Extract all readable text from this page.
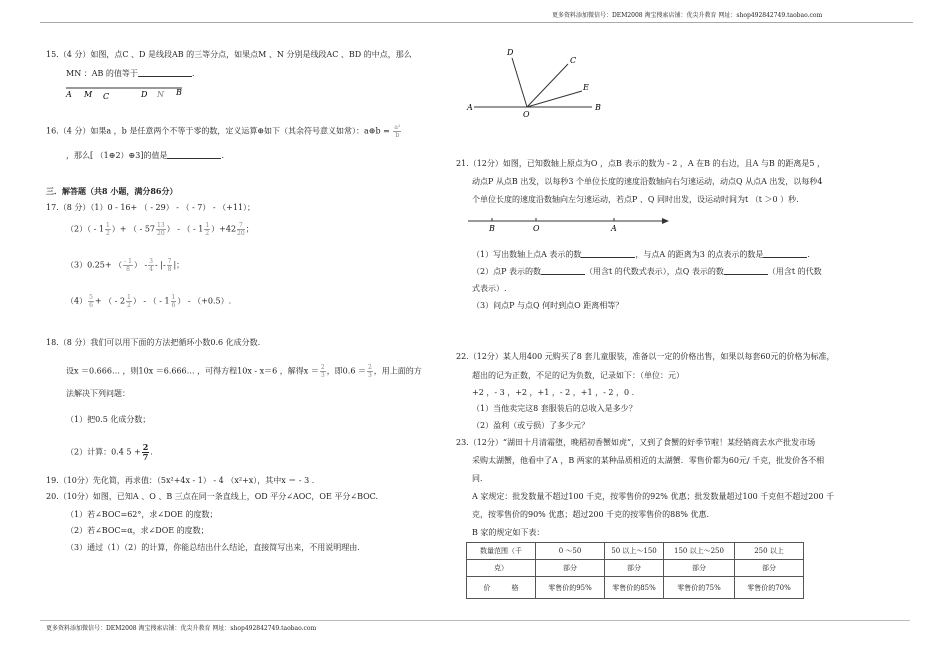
更多资料添加微信号：DEM2008 淘宝搜索店铺：优尖升教育 网址：shop492842749.taobao.com
15.（4 分）如图，点C 、D 是线段AB 的三等分点，如果点M 、N 分别是线段AC 、BD 的中点，那么
MN ：AB 的值等于	.
A M C	D N B
16.（4 分）如果a ，b 是任意两个不等于零的数，定义运算⊕如下（其余符号意义如常）：a⊕b = $\frac{\text{a²}}{b}$
，那么[ （1⊕2）⊕3]的值是	.
三．解答题（共8 小题，满分86分）
17.（8 分）（1）0 - 16+ （ - 29） - （ - 7） - （+11）；
$(2)( - 1 \frac{1}{2}$ ）+ （ - $57 \frac{13}{20}$ ） - （ - $1 \frac{1}{2} )+42 \frac{7}{20}$ ；
（3）0.25+ （ $\frac{- 1}{8}$ ） - $\frac{3}{4}$ - |- $\frac{7}{8}$ |；
$(4) \frac{5}{6}$ + （ - $2 \frac{1}{2}$ ） - （ - $1 \frac{1}{6}$ ） - （+0.5）.
18.（8 分）我们可以用下面的方法把循环小数0.6 化成分数.
设x ＝0.666… ，则10x ＝6.666… ，可得方程10x - x＝6 ，解得$x = \frac{2}{3}$ ，即$0.6 = \frac{2}{3}$ ，用上面的方
法解决下列问题：
（1）把0.5 化成分数；
（2）计算：0.4 $5 + \frac{2}{7}$ .
19.（10分）先化简，再求值：（5x²+4x - 1） - 4 （x²+x），其中x ＝ - 3 .
20.（10分）如图，已知A 、O 、B 三点在同一条直线上，OD 平分∠AOC，OE 平分∠BOC.
（1）若∠BOC=62°，求∠DOE 的度数；
（2）若∠BOC=α，求∠DOE 的度数；
（3）通过（1）（2）的计算，你能总结出什么结论，直接简写出来，不用说明理由.
D
C
E
A
O
B
21.（12分）如图，已知数轴上原点为O ，点B 表示的数为 - 2 ，A 在B 的右边，且A 与B 的距离是5 ，
动点P 从点B 出发，以每秒3 个单位长度的速度沿数轴向右匀速运动，动点Q 从点A 出发，以每秒4
个单位长度的速度沿数轴向左匀速运动，若点P 、Q 同时出发，设运动时间为t （t ＞0 ）秒.
B	O	A
（1）写出数轴上点A 表示的数	，与点A 的距离为3 的点表示的数是	.
（2）点P 表示的数	（用含t 的代数式表示），点Q 表示的数	（用含t 的代数
式表示）.
（3）问点P 与点Q 何时到点O 距离相等？
22.（12分）某人用400 元购买了8 套儿童服装，准备以一定的价格出售，如果以每套60元的价格为标准，
超出的记为正数，不足的记为负数，记录如下：（单位：元）
+2 ，- 3 ，+2 ，+1 ，- 2 ，+1 ，- 2 ，0 .
（1）当他卖完这8 套服装后的总收入是多少？
（2）盈利（或亏损）了多少元？
23.（12分）“湖田十月清霜堕，晚稻初香蟹如虎”，又到了食蟹的好季节啦！某经销商去水产批发市场
采购太湖蟹，他看中了A ，B 两家的某种品质相近的太湖蟹．零售价都为60元/ 千克，批发价各不相
同.
A 家规定：批发数量不超过100 千克，按零售价的92% 优惠；批发数量超过100 千克但不超过200 千
克，按零售价的90% 优惠；超过200 千克的按零售价的88% 优惠.
B 家的规定如下表：
数量范围（千	0 ～50	50 以上～150	150 以上～250	250 以上
克）	部分	部分	部分	部分
价　　　格	零售价的95%	零售价的85%	零售价的75%	零售价的70%
更多资料添加微信号：DEM2008 淘宝搜索店铺：优尖升教育 网址：shop492842749.taobao.com
